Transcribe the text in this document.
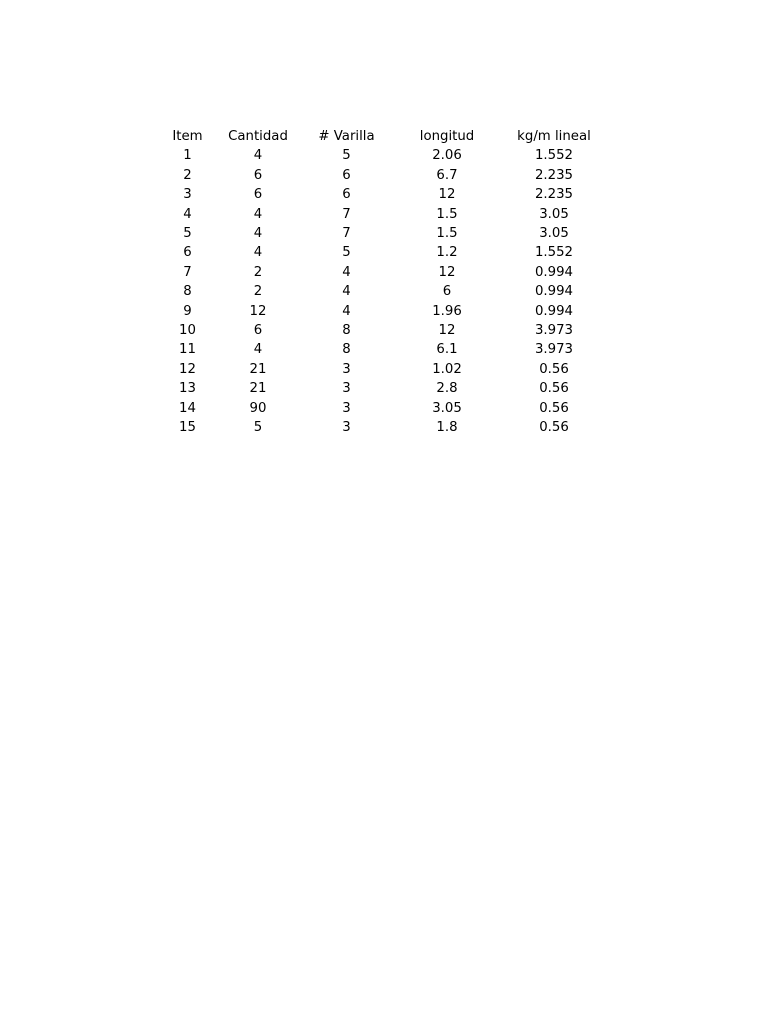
Item	Cantidad	# Varilla	longitud	kg/m lineal
1	4	5	2.06	1.552
2	6	6	6.7	2.235
3	6	6	12	2.235
4	4	7	1.5	3.05
5	4	7	1.5	3.05
6	4	5	1.2	1.552
7	2	4	12	0.994
8	2	4	6	0.994
9	12	4	1.96	0.994
10	6	8	12	3.973
11	4	8	6.1	3.973
12	21	3	1.02	0.56
13	21	3	2.8	0.56
14	90	3	3.05	0.56
15	5	3	1.8	0.56
